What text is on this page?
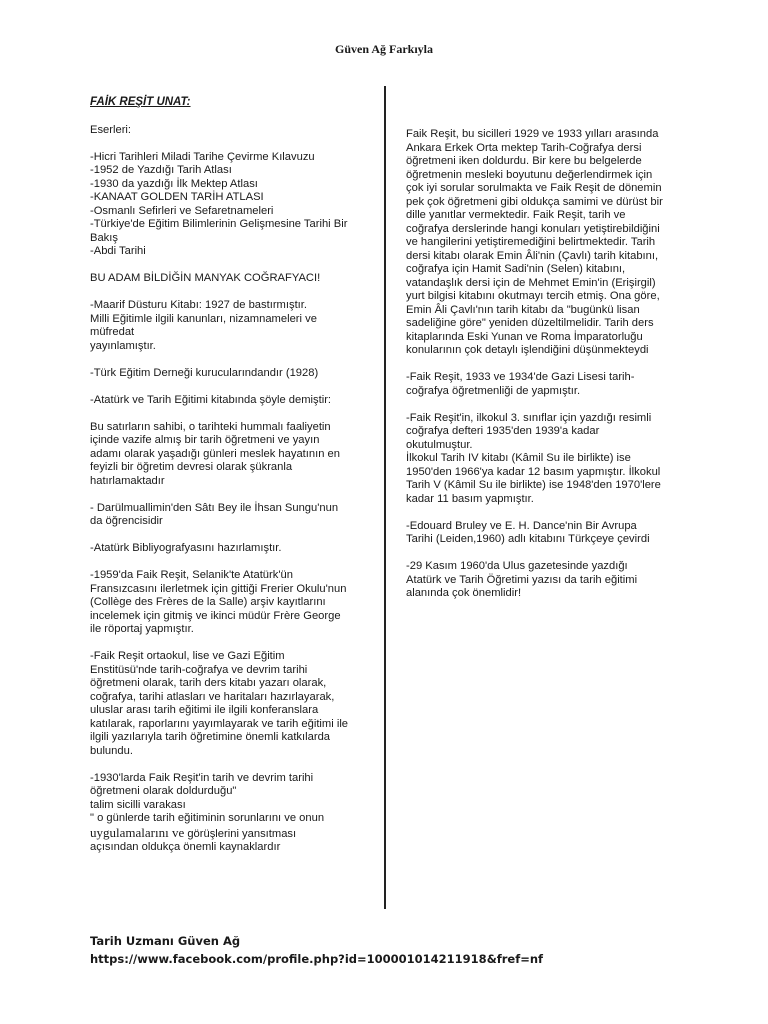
Güven Ağ Farkıyla
FAİK REŞİT UNAT:
Eserleri:
-Hicri Tarihleri Miladi Tarihe Çevirme Kılavuzu
-1952 de Yazdığı Tarih Atlası
-1930 da yazdığı İlk Mektep Atlası
-KANAAT GOLDEN TARİH ATLASI
-Osmanlı Sefirleri ve Sefaretnameleri
-Türkiye'de Eğitim Bilimlerinin Gelişmesine Tarihi Bir
Bakış
-Abdi Tarihi
BU ADAM BİLDİĞİN MANYAK COĞRAFYACI!
-Maarif Düsturu Kitabı: 1927 de bastırmıştır.
Milli Eğitimle ilgili kanunları, nizamnameleri ve
müfredat
yayınlamıştır.
-Türk Eğitim Derneği kurucularındandır (1928)
-Atatürk ve Tarih Eğitimi kitabında şöyle demiştir:
Bu satırların sahibi, o tarihteki hummalı faaliyetin
içinde vazife almış bir tarih öğretmeni ve yayın
adamı olarak yaşadığı günleri meslek hayatının en
feyizli bir öğretim devresi olarak şükranla
hatırlamaktadır
- Darülmuallimin'den Sâtı Bey ile İhsan Sungu'nun
da öğrencisidir
-Atatürk Bibliyografyasını hazırlamıştır.
-1959'da Faik Reşit, Selanik'te Atatürk'ün
Fransızcasını ilerletmek için gittiği Frerier Okulu'nun
(Collège des Frères de la Salle) arşiv kayıtlarını
incelemek için gitmiş ve ikinci müdür Frère George
ile röportaj yapmıştır.
-Faik Reşit ortaokul, lise ve Gazi Eğitim
Enstitüsü'nde tarih-coğrafya ve devrim tarihi
öğretmeni olarak, tarih ders kitabı yazarı olarak,
coğrafya, tarihi atlasları ve haritaları hazırlayarak,
uluslar arası tarih eğitimi ile ilgili konferanslara
katılarak, raporlarını yayımlayarak ve tarih eğitimi ile
ilgili yazılarıyla tarih öğretimine önemli katkılarda
bulundu.
-1930'larda Faik Reşit'in tarih ve devrim tarihi
öğretmeni olarak doldurduğu"
talim sicilli varakası
" o günlerde tarih eğitiminin sorunlarını ve onun
uygulamalarını ve görüşlerini yansıtması
açısından oldukça önemli kaynaklardır
Faik Reşit, bu sicilleri 1929 ve 1933 yılları arasında
Ankara Erkek Orta mektep Tarih-Coğrafya dersi
öğretmeni iken doldurdu. Bir kere bu belgelerde
öğretmenin mesleki boyutunu değerlendirmek için
çok iyi sorular sorulmakta ve Faik Reşit de dönemin
pek çok öğretmeni gibi oldukça samimi ve dürüst bir
dille yanıtlar vermektedir. Faik Reşit, tarih ve
coğrafya derslerinde hangi konuları yetiştirebildiğini
ve hangilerini yetiştiremediğini belirtmektedir. Tarih
dersi kitabı olarak Emin Âli'nin (Çavlı) tarih kitabını,
coğrafya için Hamit Sadi'nin (Selen) kitabını,
vatandaşlık dersi için de Mehmet Emin'in (Erişirgil)
yurt bilgisi kitabını okutmayı tercih etmiş. Ona göre,
Emin Âli Çavlı'nın tarih kitabı da "bugünkü lisan
sadeliğine göre" yeniden düzeltilmelidir. Tarih ders
kitaplarında Eski Yunan ve Roma İmparatorluğu
konularının çok detaylı işlendiğini düşünmekteydi
-Faik Reşit, 1933 ve 1934'de Gazi Lisesi tarih-
coğrafya öğretmenliği de yapmıştır.
-Faik Reşit'in, ilkokul 3. sınıflar için yazdığı resimli
coğrafya defteri 1935'den 1939'a kadar
okutulmuştur.
İlkokul Tarih IV kitabı (Kâmil Su ile birlikte) ise
1950'den 1966'ya kadar 12 basım yapmıştır. İlkokul
Tarih V (Kâmil Su ile birlikte) ise 1948'den 1970'lere
kadar 11 basım yapmıştır.
-Edouard Bruley ve E. H. Dance'nin Bir Avrupa
Tarihi (Leiden,1960) adlı kitabını Türkçeye çevirdi
-29 Kasım 1960'da Ulus gazetesinde yazdığı
Atatürk ve Tarih Öğretimi yazısı da tarih eğitimi
alanında çok önemlidir!
Tarih Uzmanı Güven Ağ
https://www.facebook.com/profile.php?id=100001014211918&fref=nf
